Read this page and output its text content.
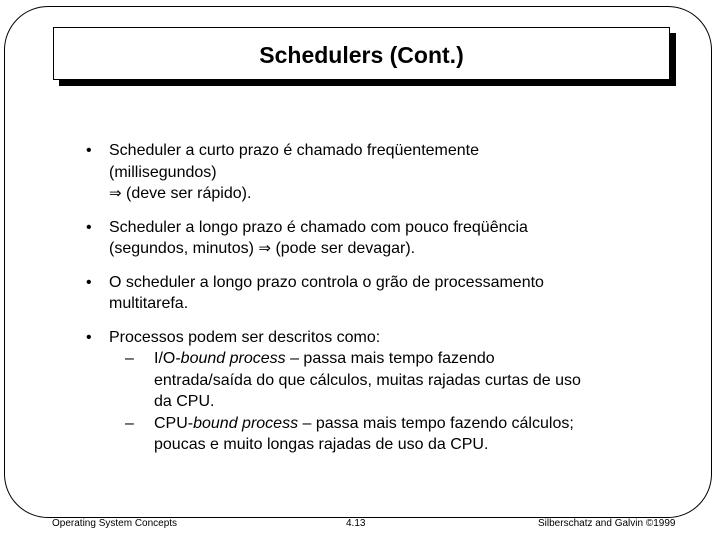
Schedulers (Cont.)
• Scheduler a curto prazo é chamado freqüentemente
(millisegundos)
⇒ (deve ser rápido).
• Scheduler a longo prazo é chamado com pouco freqüência
(segundos, minutos) ⇒ (pode ser devagar).
• O scheduler a longo prazo controla o grão de processamento
multitarefa.
• Processos podem ser descritos como:
– I/O-bound process – passa mais tempo fazendo
entrada/saída do que cálculos, muitas rajadas curtas de uso
da CPU.
– CPU-bound process – passa mais tempo fazendo cálculos;
poucas e muito longas rajadas de uso da CPU.
Operating System Concepts	4.13	Silberschatz and Galvin ©1999
